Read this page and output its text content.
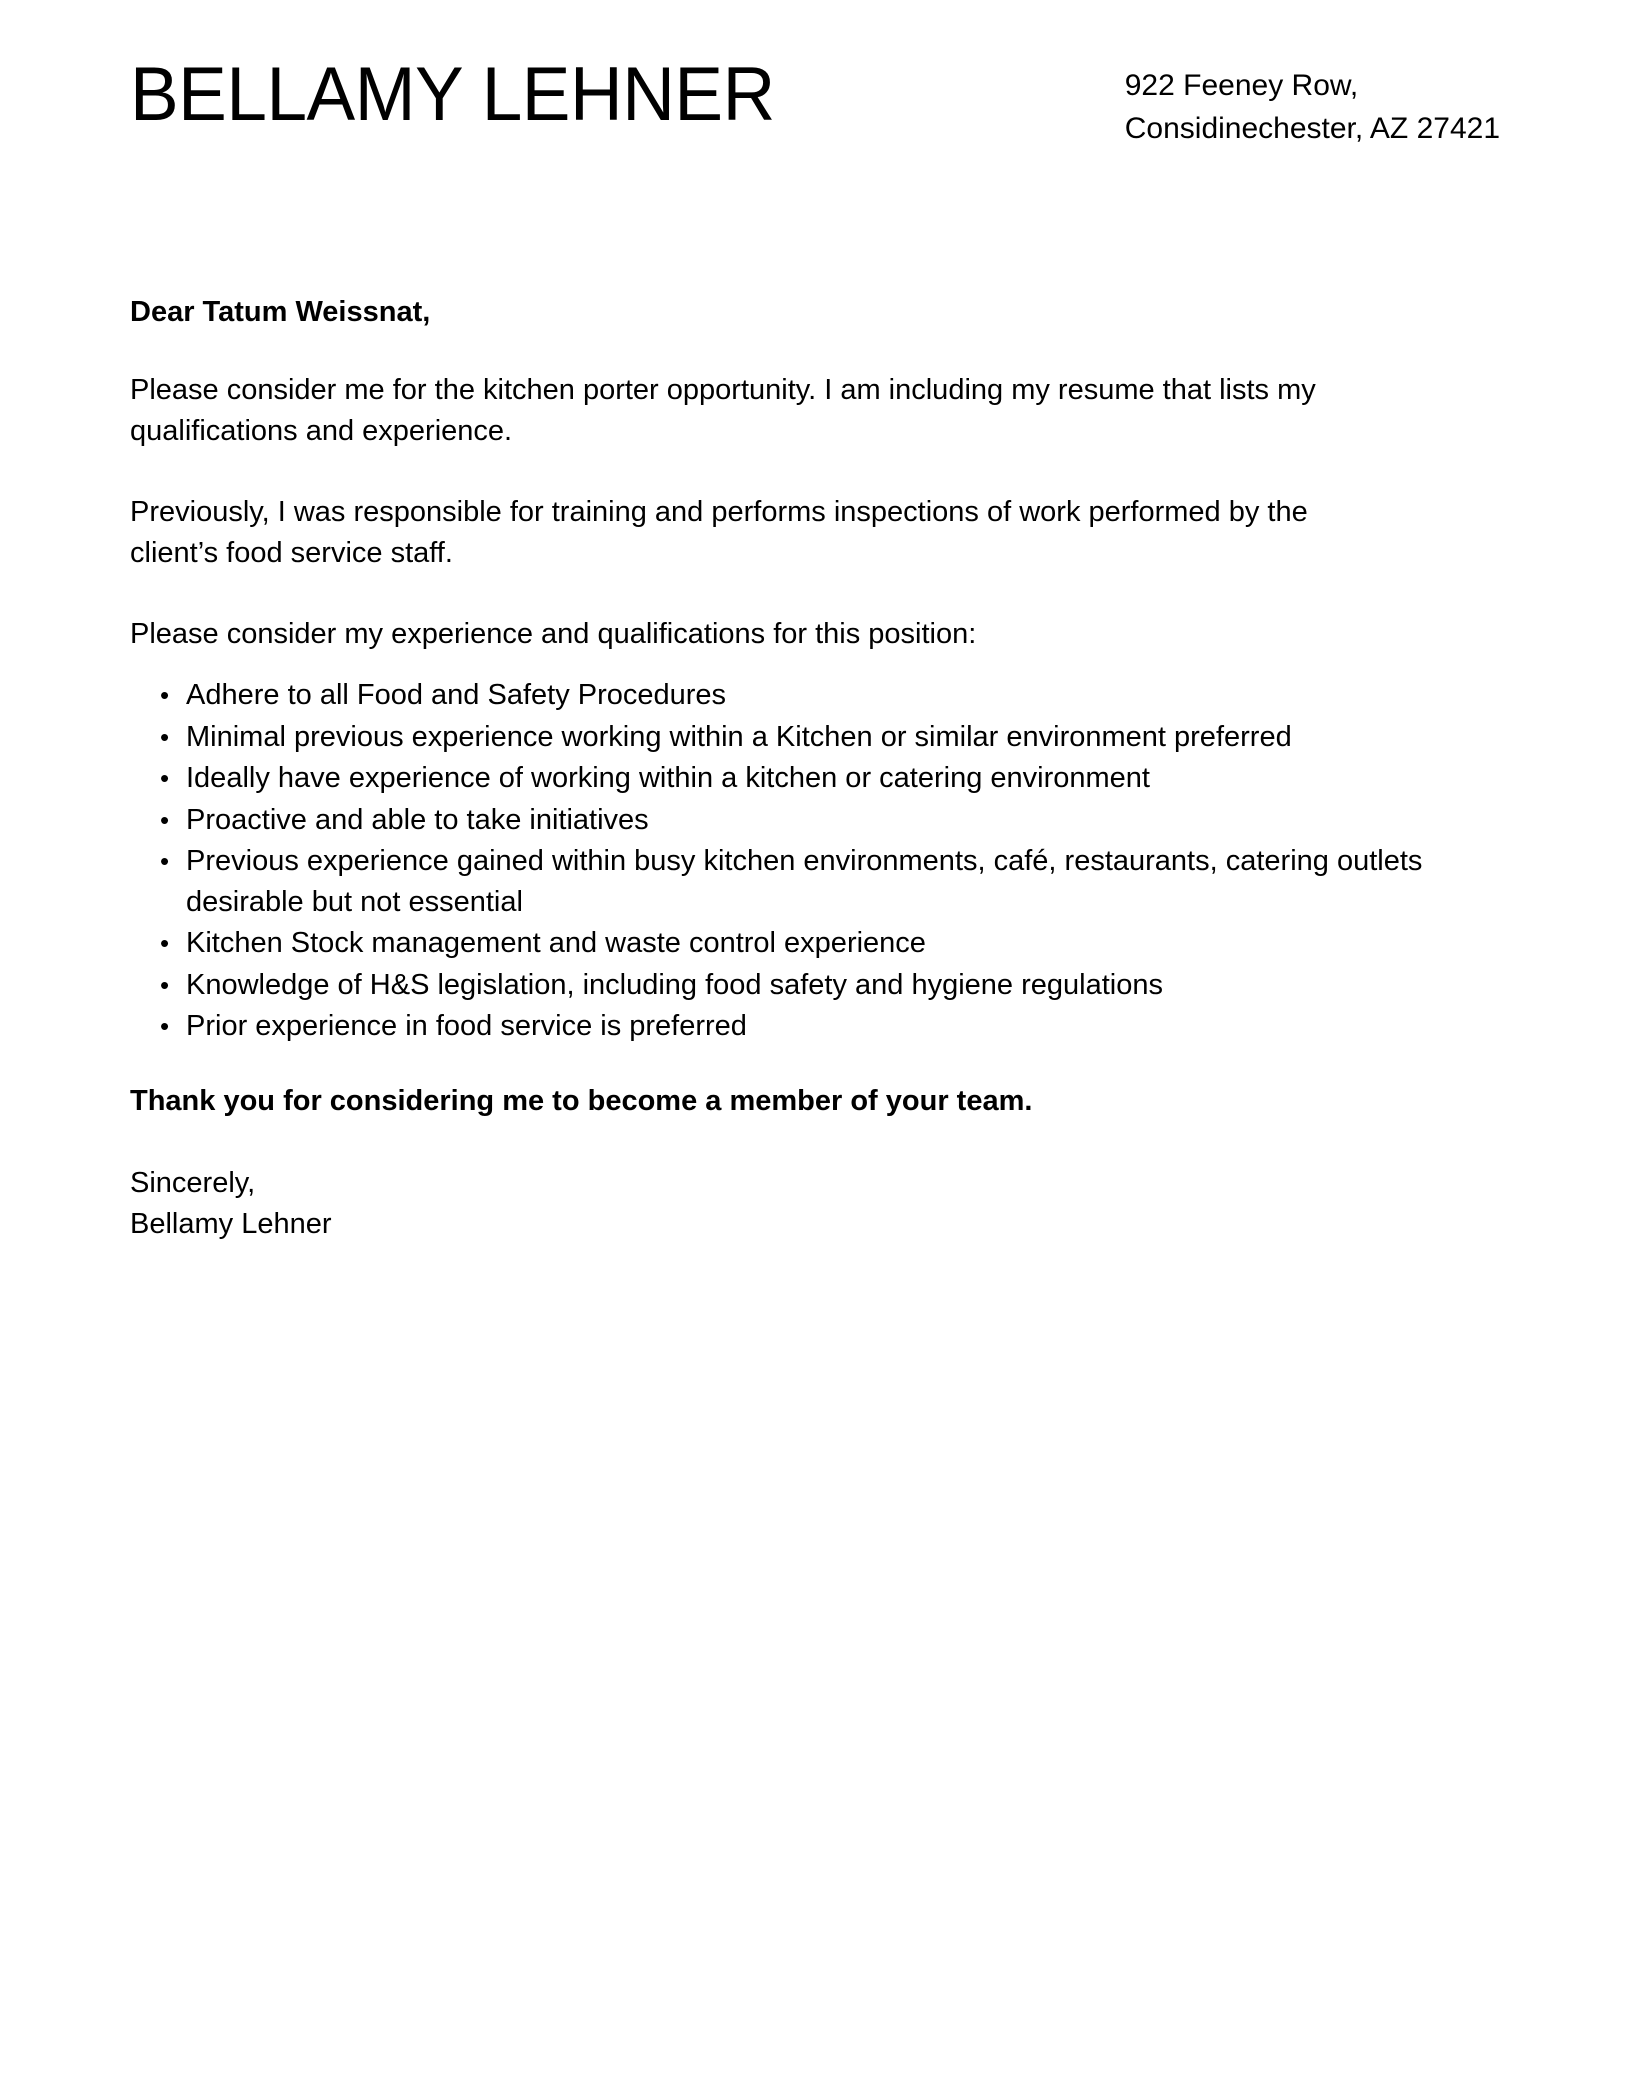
BELLAMY LEHNER	922 Feeney Row,
Considinechester, AZ 27421

Dear Tatum Weissnat,

Please consider me for the kitchen porter opportunity. I am including my resume that lists my qualifications and experience.

Previously, I was responsible for training and performs inspections of work performed by the client’s food service staff.

Please consider my experience and qualifications for this position:

• Adhere to all Food and Safety Procedures
• Minimal previous experience working within a Kitchen or similar environment preferred
• Ideally have experience of working within a kitchen or catering environment
• Proactive and able to take initiatives
• Previous experience gained within busy kitchen environments, café, restaurants, catering outlets desirable but not essential
• Kitchen Stock management and waste control experience
• Knowledge of H&S legislation, including food safety and hygiene regulations
• Prior experience in food service is preferred

Thank you for considering me to become a member of your team.

Sincerely,
Bellamy Lehner
